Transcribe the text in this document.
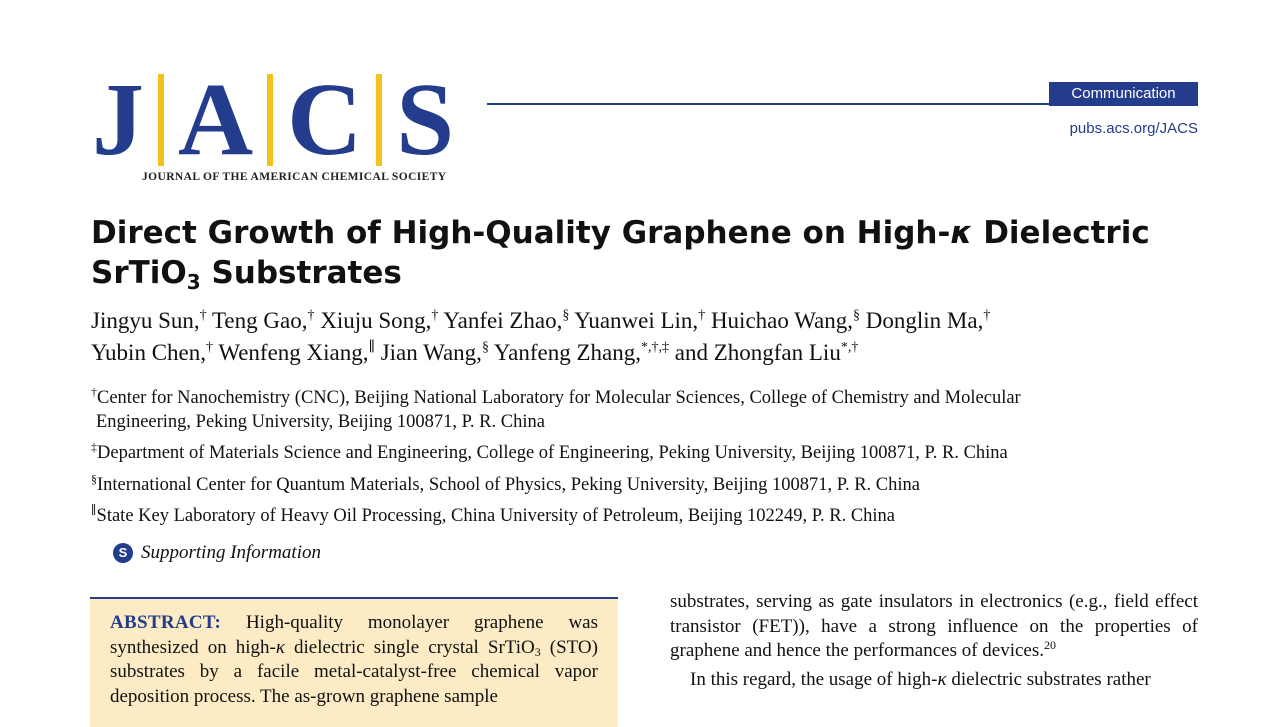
J A C S
JOURNAL OF THE AMERICAN CHEMICAL SOCIETY
Communication
pubs.acs.org/JACS
Direct Growth of High-Quality Graphene on High-κ Dielectric SrTiO$_3$ Substrates
Jingyu Sun,† Teng Gao,† Xiuju Song,† Yanfei Zhao,§ Yuanwei Lin,† Huichao Wang,§ Donglin Ma,†
Yubin Chen,† Wenfeng Xiang,∥ Jian Wang,§ Yanfeng Zhang,*,†,‡ and Zhongfan Liu*,†
†Center for Nanochemistry (CNC), Beijing National Laboratory for Molecular Sciences, College of Chemistry and Molecular
Engineering, Peking University, Beijing 100871, P. R. China
‡Department of Materials Science and Engineering, College of Engineering, Peking University, Beijing 100871, P. R. China
§International Center for Quantum Materials, School of Physics, Peking University, Beijing 100871, P. R. China
∥State Key Laboratory of Heavy Oil Processing, China University of Petroleum, Beijing 102249, P. R. China
S Supporting Information

ABSTRACT: High-quality monolayer graphene was synthesized on high-κ dielectric single crystal SrTiO$_3$ (STO) substrates by a facile metal-catalyst-free chemical vapor deposition process. The as-grown graphene sample

substrates, serving as gate insulators in electronics (e.g., field effect transistor (FET)), have a strong influence on the properties of graphene and hence the performances of devices.$^{20}$

In this regard, the usage of high-κ dielectric substrates rather
